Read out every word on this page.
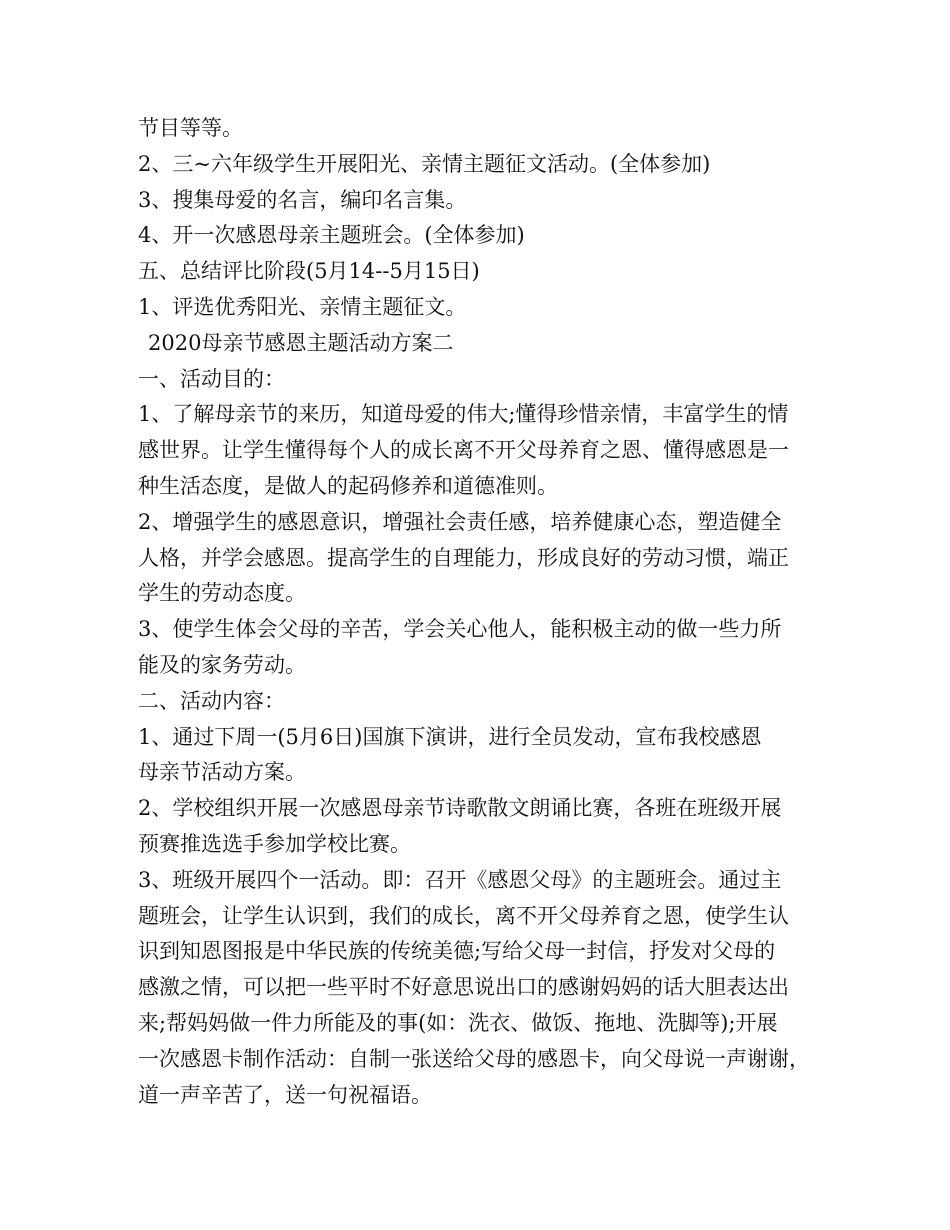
节目等等。
2、三~六年级学生开展阳光、亲情主题征文活动。(全体参加)
3、搜集母爱的名言，编印名言集。
4、开一次感恩母亲主题班会。(全体参加)
五、总结评比阶段(5月14--5月15日)
1、评选优秀阳光、亲情主题征文。
2020母亲节感恩主题活动方案二
一、活动目的：
1、了解母亲节的来历，知道母爱的伟大;懂得珍惜亲情，丰富学生的情
感世界。让学生懂得每个人的成长离不开父母养育之恩、懂得感恩是一
种生活态度，是做人的起码修养和道德准则。
2、增强学生的感恩意识，增强社会责任感，培养健康心态，塑造健全
人格，并学会感恩。提高学生的自理能力，形成良好的劳动习惯，端正
学生的劳动态度。
3、使学生体会父母的辛苦，学会关心他人，能积极主动的做一些力所
能及的家务劳动。
二、活动内容：
1、通过下周一(5月6日)国旗下演讲，进行全员发动，宣布我校感恩
母亲节活动方案。
2、学校组织开展一次感恩母亲节诗歌散文朗诵比赛，各班在班级开展
预赛推选选手参加学校比赛。
3、班级开展四个一活动。即：召开《感恩父母》的主题班会。通过主
题班会，让学生认识到，我们的成长，离不开父母养育之恩，使学生认
识到知恩图报是中华民族的传统美德;写给父母一封信，抒发对父母的
感激之情，可以把一些平时不好意思说出口的感谢妈妈的话大胆表达出
来;帮妈妈做一件力所能及的事(如：洗衣、做饭、拖地、洗脚等);开展
一次感恩卡制作活动：自制一张送给父母的感恩卡，向父母说一声谢谢，
道一声辛苦了，送一句祝福语。
